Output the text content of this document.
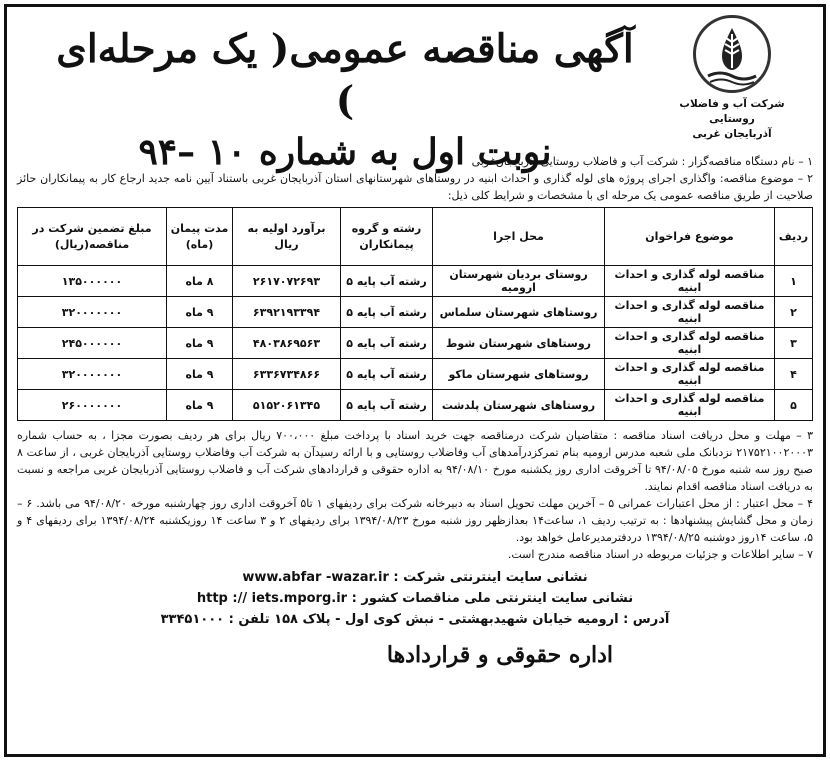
شرکت آب و فاضلاب روستایی
آذربایجان غربی
آگهی مناقصه عمومی( یک مرحله‌ای )
نوبت اول به شماره ۱۰ –۹۴
۱ – نام دستگاه مناقصه‌گزار : شرکت آب و فاضلاب روستایی آذربایجان‌غربی
۲ – موضوع مناقصه: واگذاری اجرای پروژه های لوله گذاری و احداث ابنیه در روستاهای شهرستانهای استان آذربایجان غربی باستناد آیین نامه جدید ارجاع کار به پیمانکاران حائز صلاحیت از طریق مناقصه عمومی یک مرحله ای با مشخصات و شرایط کلی ذیل:
ردیف	موضوع فراخوان	محل اجرا	رشته و گروه پیمانکاران	برآورد اولیه به ریال	مدت پیمان (ماه)	مبلغ تضمین شرکت در مناقصه(ریال)
۱	مناقصه لوله گذاری و احداث ابنیه	روستای بردیان شهرستان ارومیه	رشته آب پایه ۵	۲۶۱۷۰۷۲۶۹۳	۸ ماه	۱۳۵۰۰۰۰۰۰
۲	مناقصه لوله گذاری و احداث ابنیه	روستاهای شهرستان سلماس	رشته آب پایه ۵	۶۳۹۲۱۹۳۳۹۴	۹ ماه	۳۲۰۰۰۰۰۰۰
۳	مناقصه لوله گذاری و احداث ابنیه	روستاهای شهرستان شوط	رشته آب پایه ۵	۴۸۰۳۸۶۹۵۶۳	۹ ماه	۲۴۵۰۰۰۰۰۰
۴	مناقصه لوله گذاری و احداث ابنیه	روستاهای شهرستان ماکو	رشته آب پایه ۵	۶۳۳۶۷۳۴۸۶۶	۹ ماه	۳۲۰۰۰۰۰۰۰
۵	مناقصه لوله گذاری و احداث ابنیه	روستاهای شهرستان پلدشت	رشته آب پایه ۵	۵۱۵۲۰۶۱۳۴۵	۹ ماه	۲۶۰۰۰۰۰۰۰
۳ – مهلت و محل دریافت اسناد مناقصه : متقاضیان شرکت درمناقصه جهت خرید اسناد با پرداخت مبلغ ۷۰۰،۰۰۰ ریال برای هر ردیف بصورت مجزا ، به حساب شماره ۲۱۷۵۲۱۰۰۲۰۰۰۳ نزدبانک ملی شعبه مدرس ارومیه بنام تمرکزدرآمدهای آب وفاضلاب روستایی و با ارائه رسیدآن به شرکت آب وفاضلاب روستایی آذربایجان غربی ، از ساعت ۸ صبح روز سه شنبه مورخ ۹۴/۰۸/۰۵ تا آخروقت اداری روز یکشنبه مورخ ۹۴/۰۸/۱۰ به اداره حقوقی و قراردادهای شرکت آب و فاضلاب روستایی آذربایجان غربی مراجعه و نسبت به دریافت اسناد مناقصه اقدام نمایند.
۴ – محل اعتبار : از محل اعتبارات عمرانی ۵ – آخرین مهلت تحویل اسناد به دبیرخانه شرکت برای ردیفهای ۱ تا۵ آخروقت اداری روز چهارشنبه مورخه ۹۴/۰۸/۲۰ می باشد. ۶ – زمان و محل گشایش پیشنهادها : به ترتیب ردیف ۱، ساعت۱۴ بعدازظهر روز شنبه مورخ ۱۳۹۴/۰۸/۲۳ برای ردیفهای ۲ و ۳ ساعت ۱۴ روزیکشنبه ۱۳۹۴/۰۸/۲۴ برای ردیفهای ۴ و ۵، ساعت ۱۴روز دوشنبه ۱۳۹۴/۰۸/۲۵ دردفترمدیرعامل خواهد بود.
۷ – سایر اطلاعات و جزئیات مربوطه در اسناد مناقصه مندرج است.
نشانی سایت اینترنتی شرکت : www.abfar -wazar.ir
نشانی سایت اینترنتی ملی مناقصات کشور : http :// iets.mporg.ir
آدرس : ارومیه خیابان شهیدبهشتی - نبش کوی اول - پلاک ۱۵۸ تلفن : ۳۳۴۵۱۰۰۰
اداره حقوقی و قراردادها
